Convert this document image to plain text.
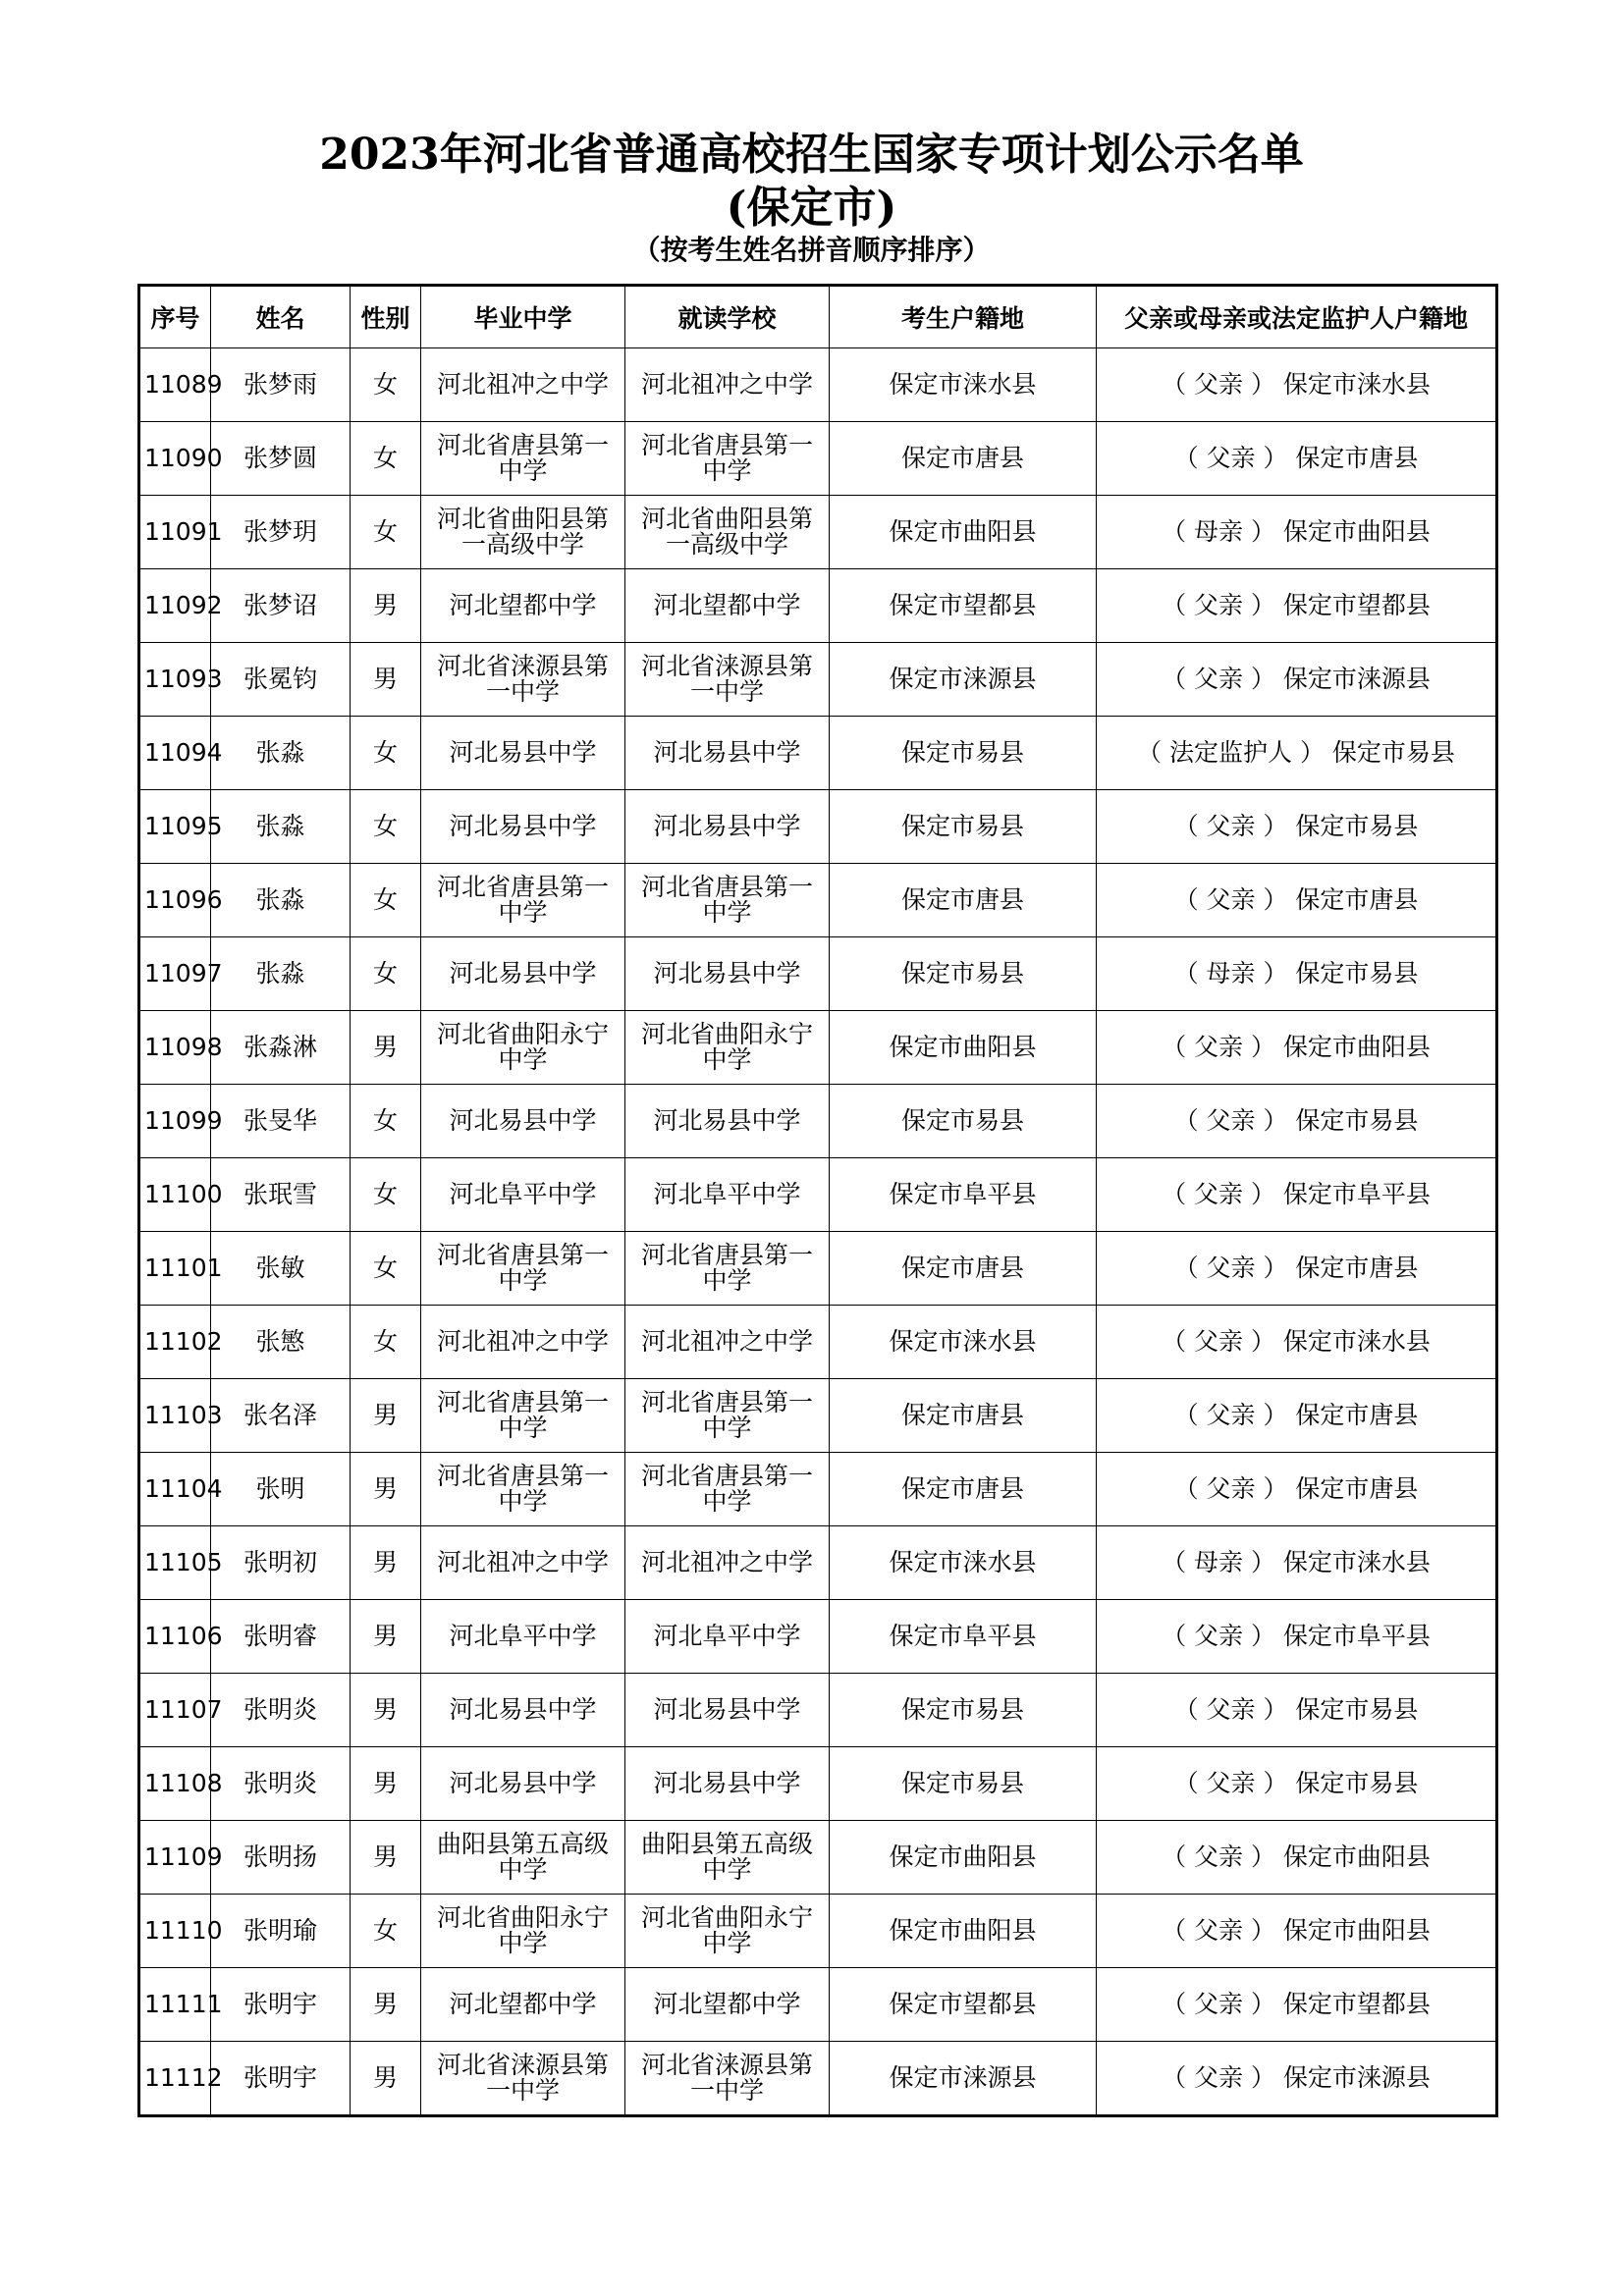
2023年河北省普通高校招生国家专项计划公示名单
(保定市)
（按考生姓名拼音顺序排序）
序号	姓名	性别	毕业中学	就读学校	考生户籍地	父亲或母亲或法定监护人户籍地
11089	张梦雨	女	河北祖冲之中学	河北祖冲之中学	保定市涞水县	（ 父亲 ） 保定市涞水县
11090	张梦圆	女	河北省唐县第一中学	河北省唐县第一中学	保定市唐县	（ 父亲 ） 保定市唐县
11091	张梦玥	女	河北省曲阳县第一高级中学	河北省曲阳县第一高级中学	保定市曲阳县	（ 母亲 ） 保定市曲阳县
11092	张梦诏	男	河北望都中学	河北望都中学	保定市望都县	（ 父亲 ） 保定市望都县
11093	张冕钧	男	河北省涞源县第一中学	河北省涞源县第一中学	保定市涞源县	（ 父亲 ） 保定市涞源县
11094	张淼	女	河北易县中学	河北易县中学	保定市易县	（ 法定监护人 ） 保定市易县
11095	张淼	女	河北易县中学	河北易县中学	保定市易县	（ 父亲 ） 保定市易县
11096	张淼	女	河北省唐县第一中学	河北省唐县第一中学	保定市唐县	（ 父亲 ） 保定市唐县
11097	张淼	女	河北易县中学	河北易县中学	保定市易县	（ 母亲 ） 保定市易县
11098	张淼淋	男	河北省曲阳永宁中学	河北省曲阳永宁中学	保定市曲阳县	（ 父亲 ） 保定市曲阳县
11099	张旻华	女	河北易县中学	河北易县中学	保定市易县	（ 父亲 ） 保定市易县
11100	张珉雪	女	河北阜平中学	河北阜平中学	保定市阜平县	（ 父亲 ） 保定市阜平县
11101	张敏	女	河北省唐县第一中学	河北省唐县第一中学	保定市唐县	（ 父亲 ） 保定市唐县
11102	张慜	女	河北祖冲之中学	河北祖冲之中学	保定市涞水县	（ 父亲 ） 保定市涞水县
11103	张名泽	男	河北省唐县第一中学	河北省唐县第一中学	保定市唐县	（ 父亲 ） 保定市唐县
11104	张明	男	河北省唐县第一中学	河北省唐县第一中学	保定市唐县	（ 父亲 ） 保定市唐县
11105	张明初	男	河北祖冲之中学	河北祖冲之中学	保定市涞水县	（ 母亲 ） 保定市涞水县
11106	张明睿	男	河北阜平中学	河北阜平中学	保定市阜平县	（ 父亲 ） 保定市阜平县
11107	张明炎	男	河北易县中学	河北易县中学	保定市易县	（ 父亲 ） 保定市易县
11108	张明炎	男	河北易县中学	河北易县中学	保定市易县	（ 父亲 ） 保定市易县
11109	张明扬	男	曲阳县第五高级中学	曲阳县第五高级中学	保定市曲阳县	（ 父亲 ） 保定市曲阳县
11110	张明瑜	女	河北省曲阳永宁中学	河北省曲阳永宁中学	保定市曲阳县	（ 父亲 ） 保定市曲阳县
11111	张明宇	男	河北望都中学	河北望都中学	保定市望都县	（ 父亲 ） 保定市望都县
11112	张明宇	男	河北省涞源县第一中学	河北省涞源县第一中学	保定市涞源县	（ 父亲 ） 保定市涞源县
